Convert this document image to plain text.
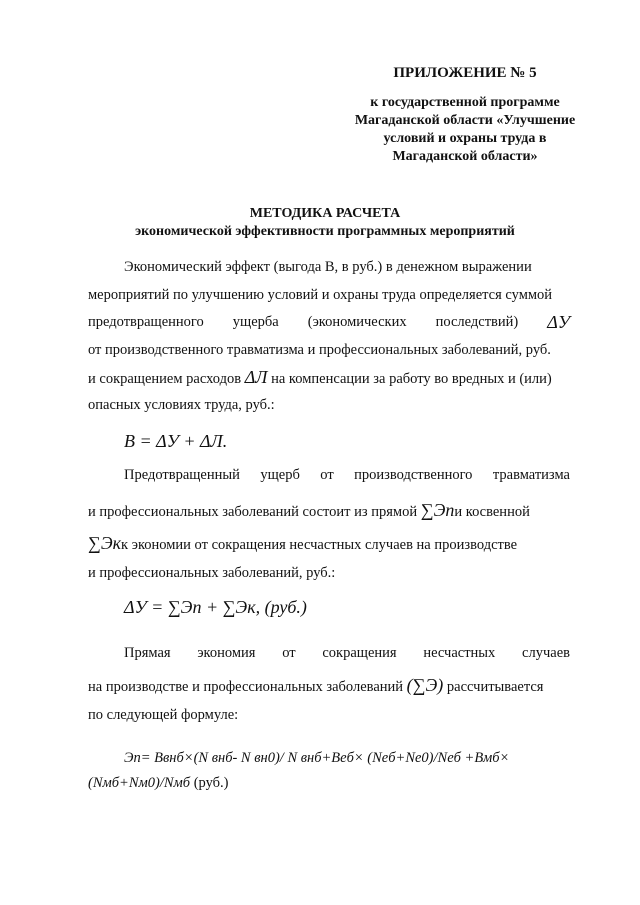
ПРИЛОЖЕНИЕ № 5
к государственной программе
Магаданской области «Улучшение
условий и охраны труда в
Магаданской области»
МЕТОДИКА РАСЧЕТА
экономической эффективности программных мероприятий
Экономический эффект (выгода В, в руб.) в денежном выражении
мероприятий по улучшению условий и охраны труда определяется суммой
предотвращенного ущерба (экономических последствий) ΔУ
от производственного травматизма и профессиональных заболеваний, руб.
и сокращением расходов ΔЛ на компенсации за работу во вредных и (или)
опасных условиях труда, руб.:
B = ΔУ + ΔЛ.
Предотвращенный ущерб от производственного травматизма
и профессиональных заболеваний состоит из прямой ∑Эпи косвенной
∑Экк экономии от сокращения несчастных случаев на производстве
и профессиональных заболеваний, руб.:
ΔУ = ∑Эп + ∑Эк, (руб.)
Прямая экономия от сокращения несчастных случаев
на производстве и профессиональных заболеваний (∑Э) рассчитывается
по следующей формуле:
Эп= Ввнб×(N внб- N вн0)/ N внб+Вeб× (Neб+Ne0)/Neб +Вмб×
(Nмб+Nм0)/Nмб (руб.)
